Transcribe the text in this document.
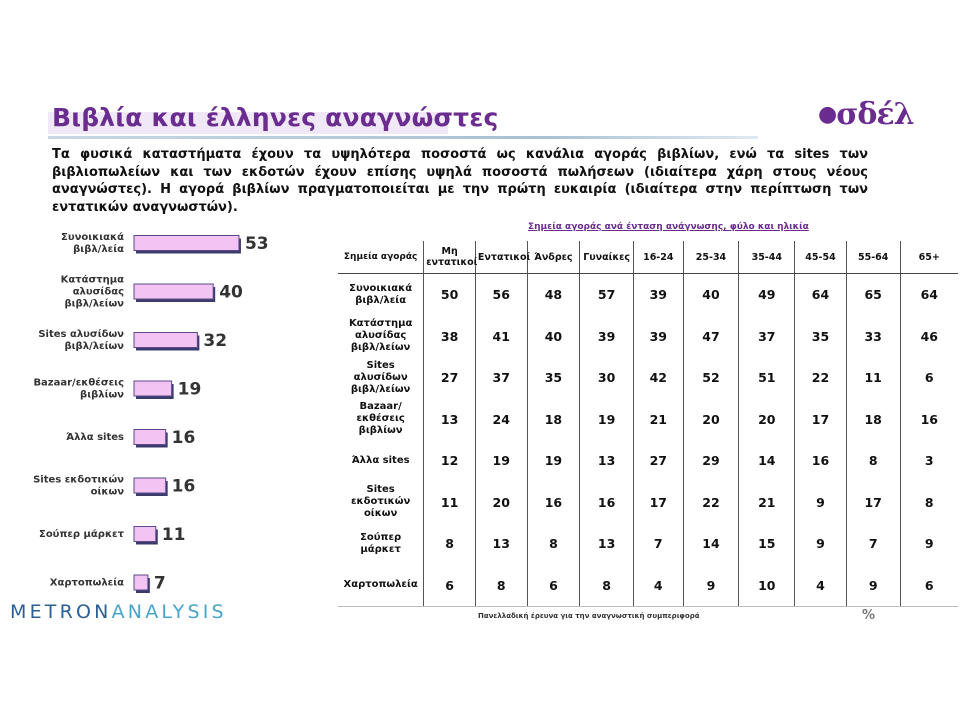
Βιβλία και έλληνες αναγνώστες	●σδέλ
Τα φυσικά καταστήματα έχουν τα υψηλότερα ποσοστά ως κανάλια αγοράς βιβλίων, ενώ τα sites των βιβλιοπωλείων και των εκδοτών έχουν επίσης υψηλά ποσοστά πωλήσεων (ιδιαίτερα χάρη στους νέους αναγνώστες). Η αγορά βιβλίων πραγματοποιείται με την πρώτη ευκαιρία (ιδιαίτερα στην περίπτωση των εντατικών αναγνωστών).
53
Συνοικιακά βιβλ/λεία
40
Κατάστημα αλυσίδας βιβλ/λείων
32
Sites αλυσίδων βιβλ/λείων
19
Bazaar/εκθέσεις βιβλίων
16
Άλλα sites
16
Sites εκδοτικών οίκων
11
Σούπερ μάρκετ
7
Χαρτοπωλεία
Σημεία αγοράς ανά ένταση ανάγνωσης, φύλο και ηλικία
Σημεία αγοράς	Μη εντατικοί	Εντατικοί	Άνδρες	Γυναίκες	16-24	25-34	35-44	45-54	55-64	65+
Συνοικιακά βιβλ/λεία	50	56	48	57	39	40	49	64	65	64
Κατάστημα αλυσίδας βιβλ/λείων	38	41	40	39	39	47	37	35	33	46
Sites αλυσίδων βιβλ/λείων	27	37	35	30	42	52	51	22	11	6
Bazaar/εκθέσεις βιβλίων	13	24	18	19	21	20	20	17	18	16
Άλλα sites	12	19	19	13	27	29	14	16	8	3
Sites εκδοτικών οίκων	11	20	16	16	17	22	21	9	17	8
Σούπερ μάρκετ	8	13	8	13	7	14	15	9	7	9
Χαρτοπωλεία	6	8	6	8	4	9	10	4	9	6
Πανελλαδική έρευνα για την αναγνωστική συμπεριφορά	%
METRONANALYSIS
